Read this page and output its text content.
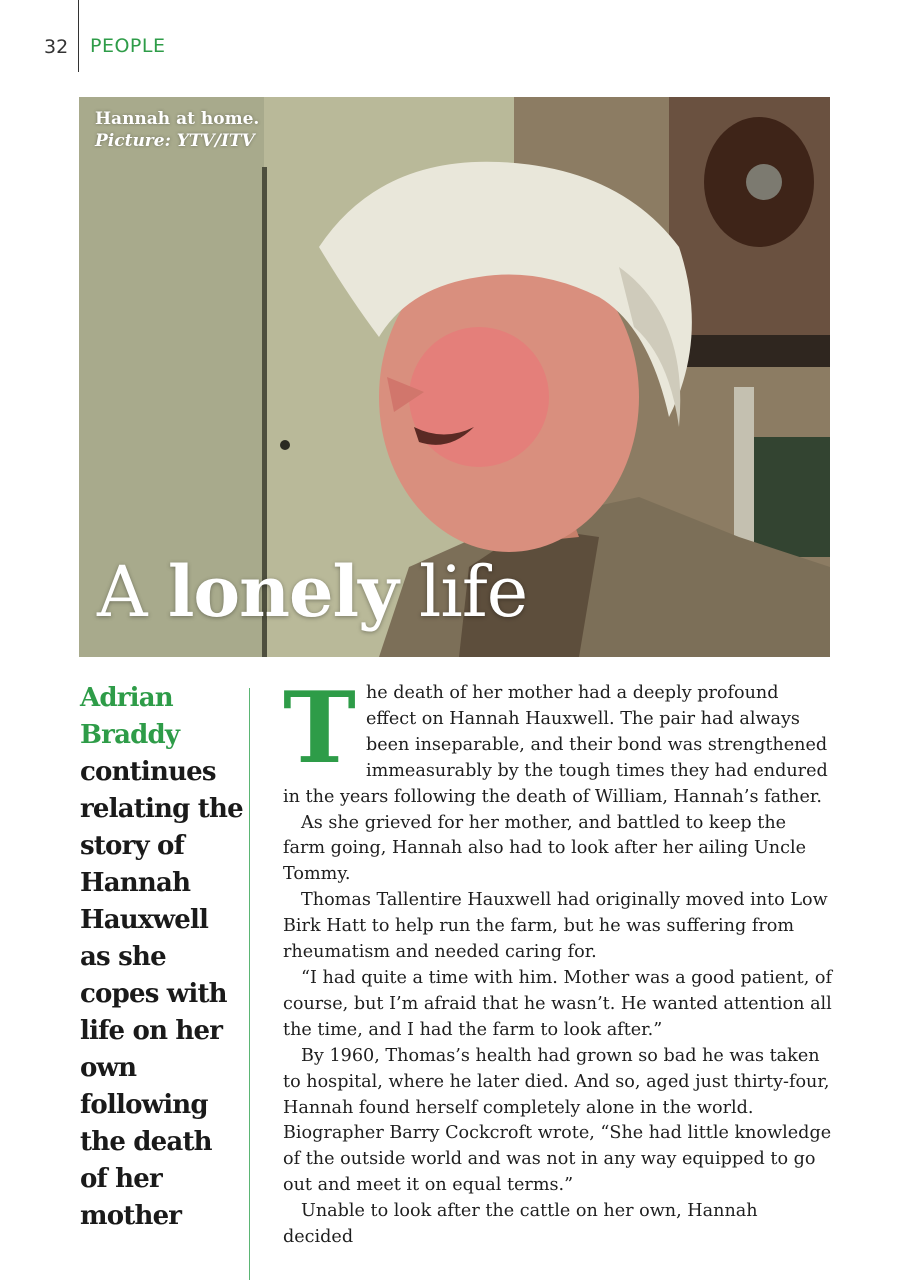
32 PEOPLE
Hannah at home.
Picture: YTV/ITV
A lonely life
Adrian Braddy continues relating the story of Hannah Hauxwell as she copes with life on her own following the death of her mother

The death of her mother had a deeply profound effect on Hannah Hauxwell. The pair had always been inseparable, and their bond was strengthened immeasurably by the tough times they had endured in the years following the death of William, Hannah’s father.

As she grieved for her mother, and battled to keep the farm going, Hannah also had to look after her ailing Uncle Tommy.

Thomas Tallentire Hauxwell had originally moved into Low Birk Hatt to help run the farm, but he was suffering from rheumatism and needed caring for.

“I had quite a time with him. Mother was a good patient, of course, but I’m afraid that he wasn’t. He wanted attention all the time, and I had the farm to look after.”

By 1960, Thomas’s health had grown so bad he was taken to hospital, where he later died. And so, aged just thirty-four, Hannah found herself completely alone in the world. Biographer Barry Cockcroft wrote, “She had little knowledge of the outside world and was not in any way equipped to go out and meet it on equal terms.”

Unable to look after the cattle on her own, Hannah decided
